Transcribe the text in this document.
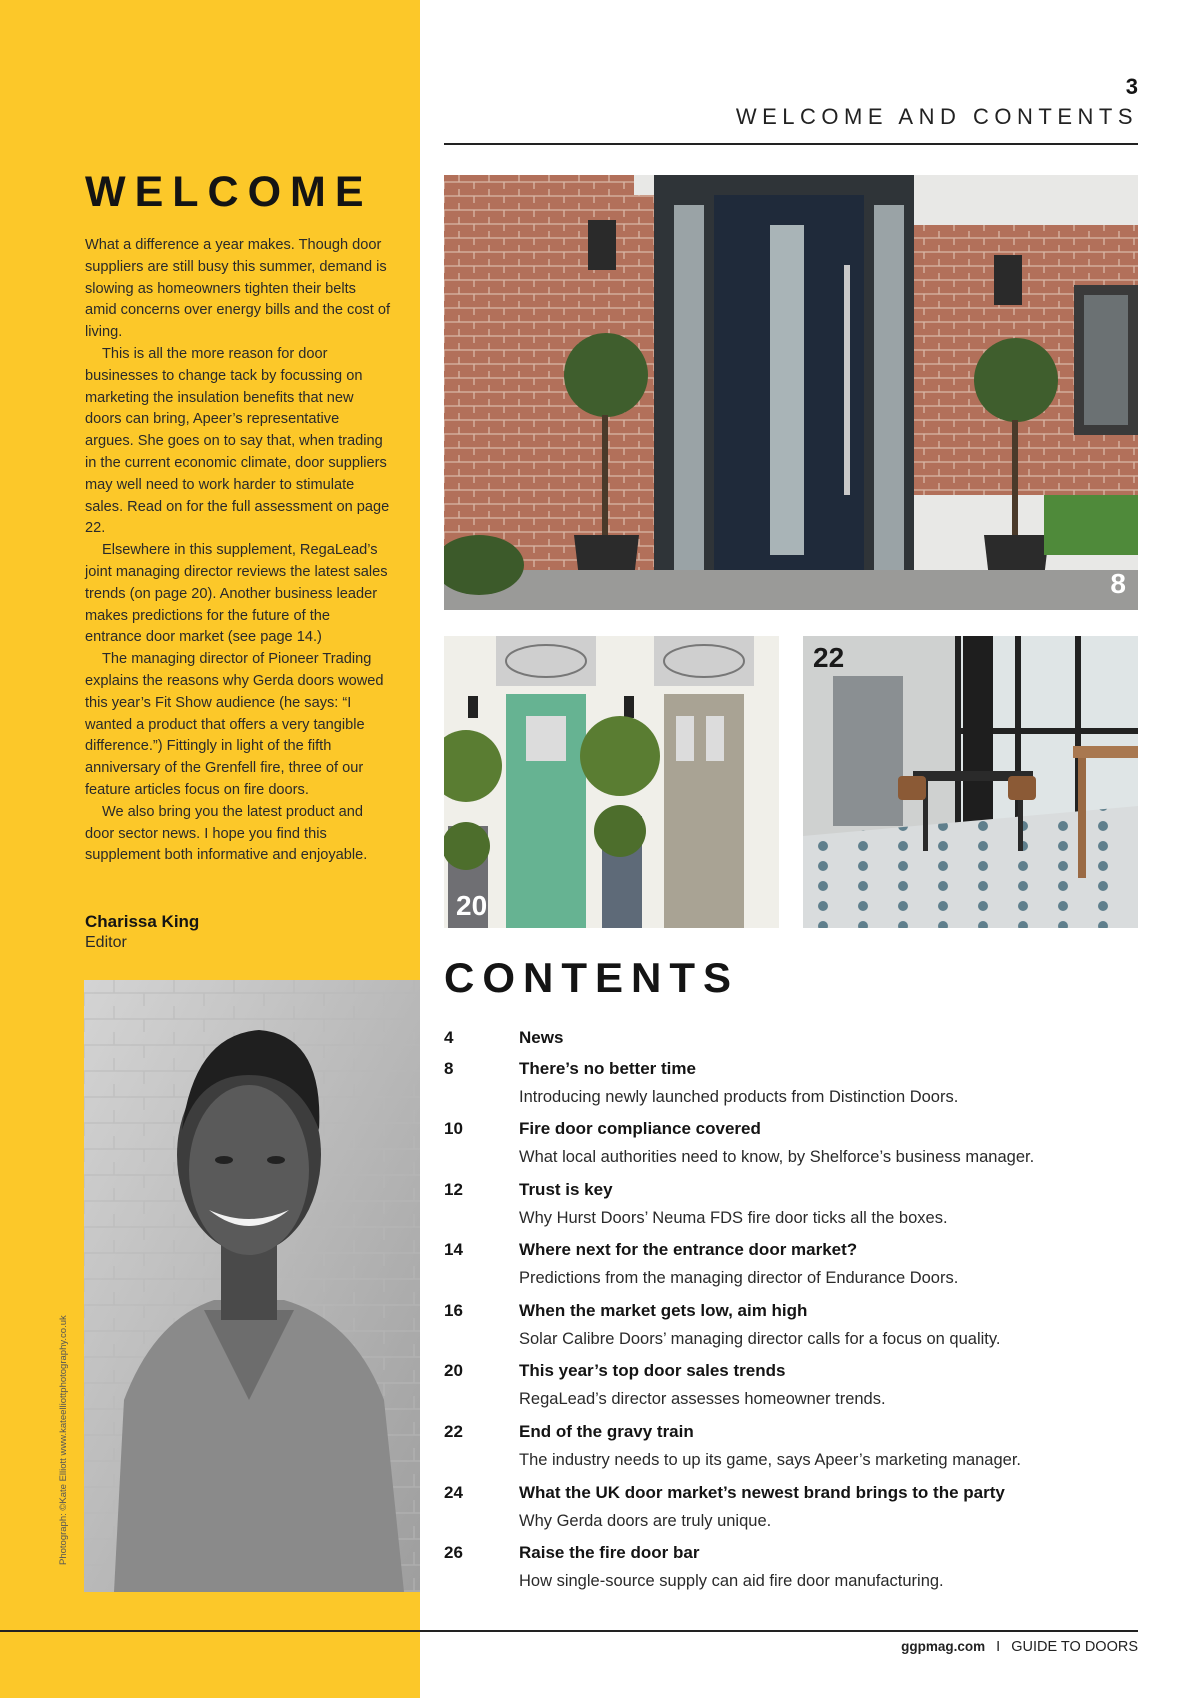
WELCOME

What a difference a year makes. Though door suppliers are still busy this summer, demand is slowing as homeowners tighten their belts amid concerns over energy bills and the cost of living.

This is all the more reason for door businesses to change tack by focussing on marketing the insulation benefits that new doors can bring, Apeer’s representative argues. She goes on to say that, when trading in the current economic climate, door suppliers may well need to work harder to stimulate sales. Read on for the full assessment on page 22.

Elsewhere in this supplement, RegaLead’s joint managing director reviews the latest sales trends (on page 20). Another business leader makes predictions for the future of the entrance door market (see page 14.)

The managing director of Pioneer Trading explains the reasons why Gerda doors wowed this year’s Fit Show audience (he says: “I wanted a product that offers a very tangible difference.”) Fittingly in light of the fifth anniversary of the Grenfell fire, three of our feature articles focus on fire doors.

We also bring you the latest product and door sector news. I hope you find this supplement both informative and enjoyable.

Charissa King
Editor
Photograph: ©Kate Elliott www.kateelliottphotography.co.uk
3
WELCOME AND CONTENTS
8
20
22
CONTENTS
4	News
8	There’s no better time
Introducing newly launched products from Distinction Doors.
10	Fire door compliance covered
What local authorities need to know, by Shelforce’s business manager.
12	Trust is key
Why Hurst Doors’ Neuma FDS fire door ticks all the boxes.
14	Where next for the entrance door market?
Predictions from the managing director of Endurance Doors.
16	When the market gets low, aim high
Solar Calibre Doors’ managing director calls for a focus on quality.
20	This year’s top door sales trends
RegaLead’s director assesses homeowner trends.
22	End of the gravy train
The industry needs to up its game, says Apeer’s marketing manager.
24	What the UK door market’s newest brand brings to the party
Why Gerda doors are truly unique.
26	Raise the fire door bar
How single-source supply can aid fire door manufacturing.
ggpmag.com I GUIDE TO DOORS
